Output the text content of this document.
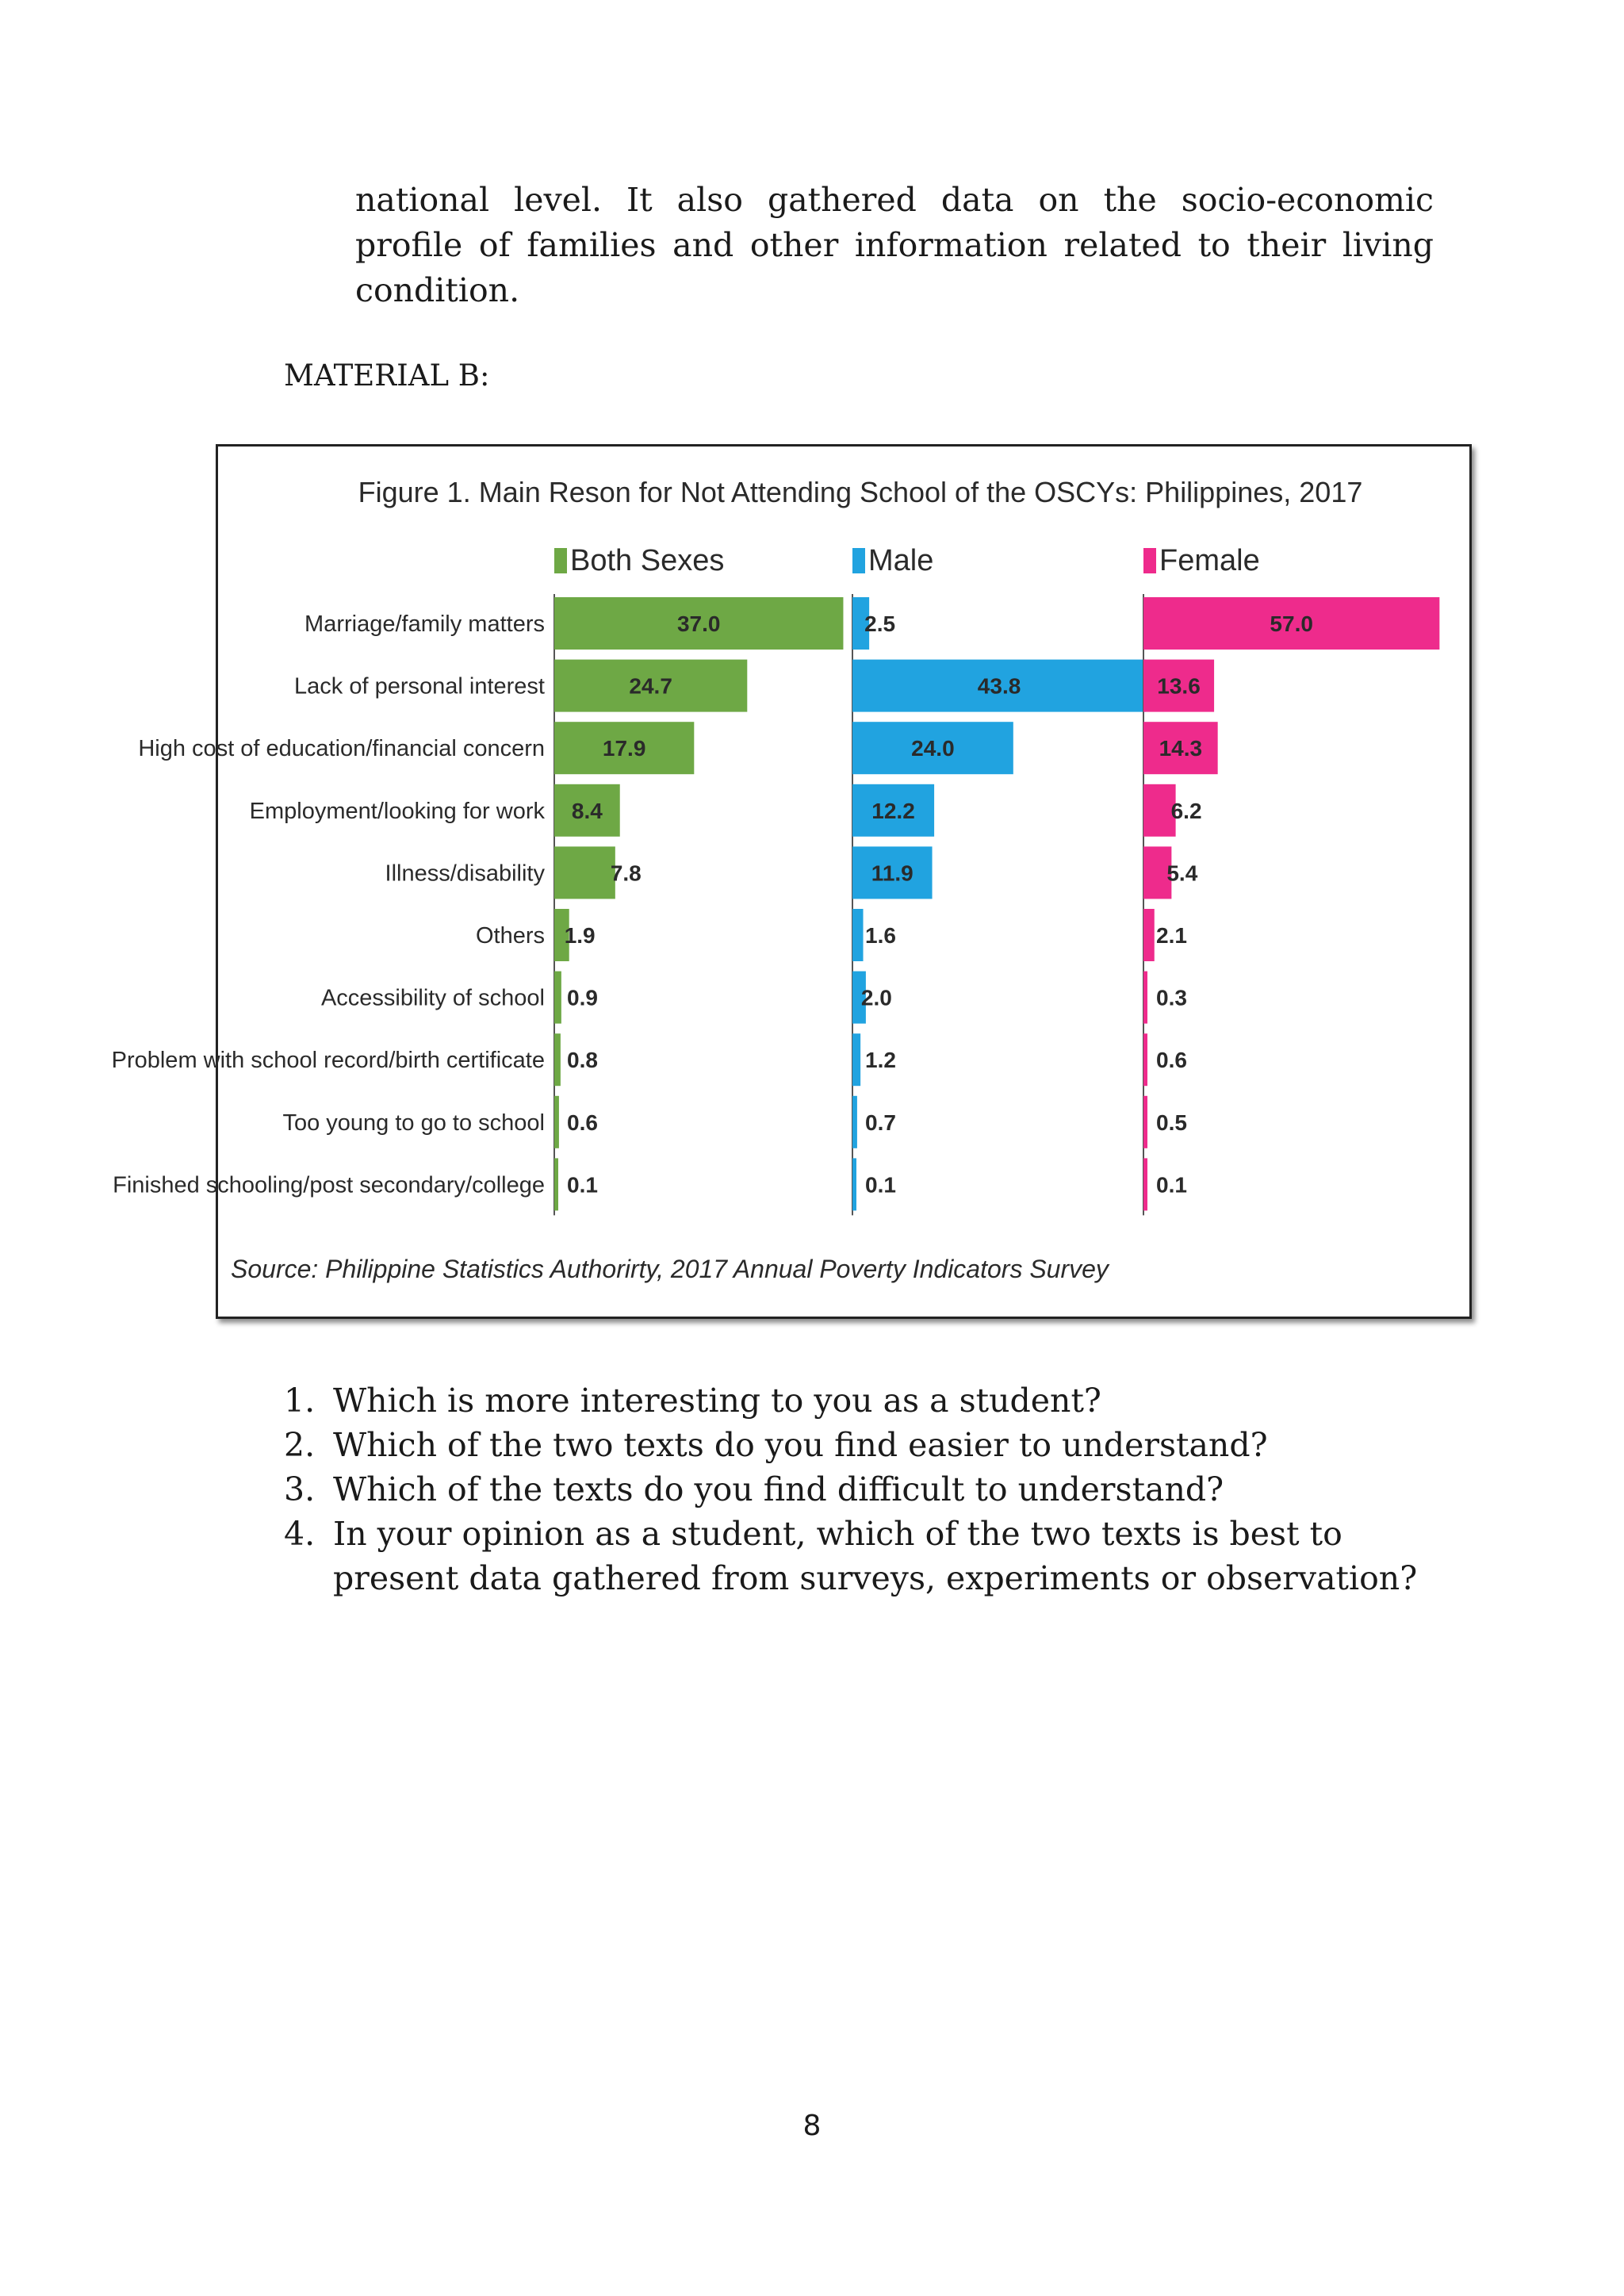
national level. It also gathered data on the socio-economic profile of families and other information related to their living condition.

MATERIAL B:

Figure 1. Main Reson for Not Attending School of the OSCYs: Philippines, 2017
Both Sexes	Male	Female
Marriage/family matters
Lack of personal interest
High cost of education/financial concern
Employment/looking for work
Illness/disability
Others
Accessibility of school
Problem with school record/birth certificate
Too young to go to school
Finished schooling/post secondary/college
37.0
24.7
17.9
8.4
7.8
1.9
0.9
0.8
0.6
0.1
2.5
43.8
24.0
12.2
11.9
1.6
2.0
1.2
0.7
0.1
57.0
13.6
14.3
6.2
5.4
2.1
0.3
0.6
0.5
0.1
Source: Philippine Statistics Authorirty, 2017 Annual Poverty Indicators Survey
1. Which is more interesting to you as a student?
2. Which of the two texts do you find easier to understand?
3. Which of the texts do you find difficult to understand?
4. In your opinion as a student, which of the two texts is best to present data gathered from surveys, experiments or observation?

8
